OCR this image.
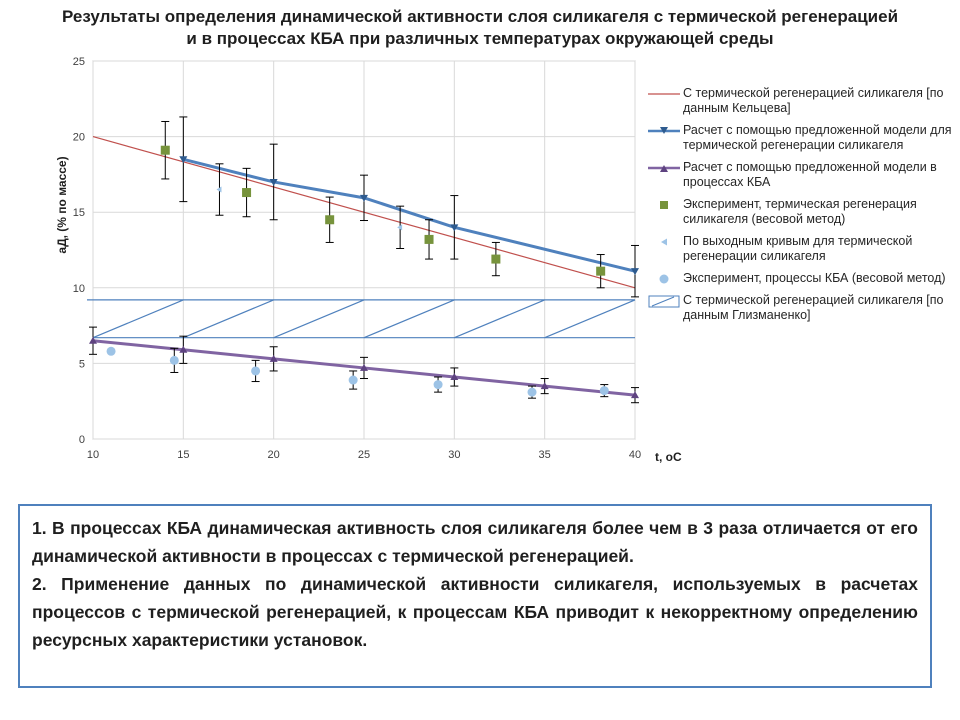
Результаты определения динамической активности слоя силикагеля с термической регенерацией и в процессах КБА при различных температурах окружающей среды
0
5
10
15
20
25
10	15	20	25	30	35	40 t, оС
aД, (% по массе)
С термической регенерацией силикагеля [по данным Кельцева]
Расчет с помощью предложенной модели для термической регенерации силикагеля
Расчет с помощью предложенной модели в процессах КБА
Эксперимент, термическая регенерация силикагеля (весовой метод)
По выходным кривым для термической регенерации силикагеля
Эксперимент, процессы КБА (весовой метод)
С термической регенерацией силикагеля [по данным Глизманенко]

1. В процессах КБА динамическая активность слоя силикагеля более чем в 3 раза отличается от его динамической активности в процессах с термической регенерацией.

2. Применение данных по динамической активности силикагеля, используемых в расчетах процессов с термической регенерацией, к процессам КБА приводит к некорректному определению ресурсных характеристики установок.
